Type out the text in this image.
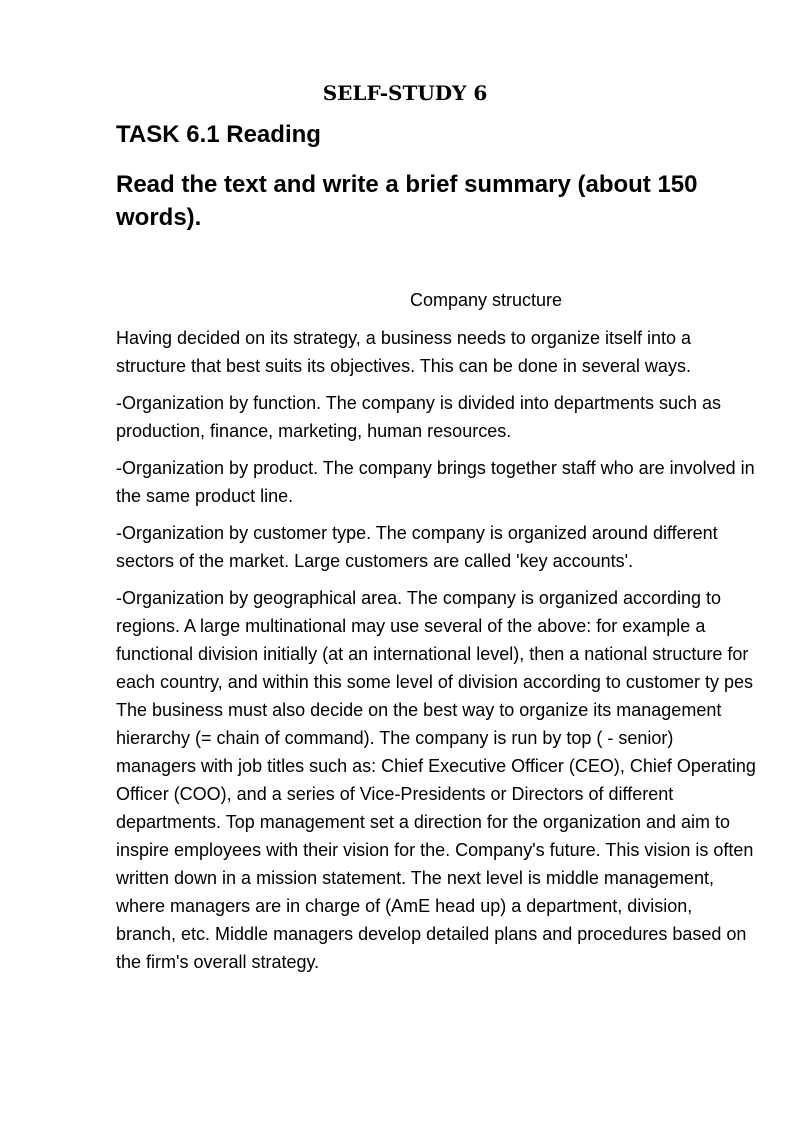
SELF-STUDY 6
TASK 6.1 Reading
Read the text and write a brief summary (about 150 words).
Company structure

Having decided on its strategy, a business needs to organize itself into a structure that best suits its objectives. This can be done in several ways.

-Organization by function. The company is divided into departments such as production, finance, marketing, human resources.

-Organization by product. The company brings together staff who are involved in the same product line.

-Organization by customer type. The company is organized around different sectors of the market. Large customers are called 'key accounts'.

-Organization by geographical area. The company is organized according to regions. A large multinational may use several of the above: for example a functional division initially (at an international level), then a national structure for each country, and within this some level of division according to customer ty pes The business must also decide on the best way to organize its management hierarchy (= chain of command). The company is run by top ( - senior) managers with job titles such as: Chief Executive Officer (CEO), Chief Operating Officer (COO), and a series of Vice-Presidents or Directors of different departments. Top management set a direction for the organization and aim to inspire employees with their vision for the. Company's future. This vision is often written down in a mission statement. The next level is middle management, where managers are in charge of (AmE head up) a department, division, branch, etc. Middle managers develop detailed plans and procedures based on the firm's overall strategy.
